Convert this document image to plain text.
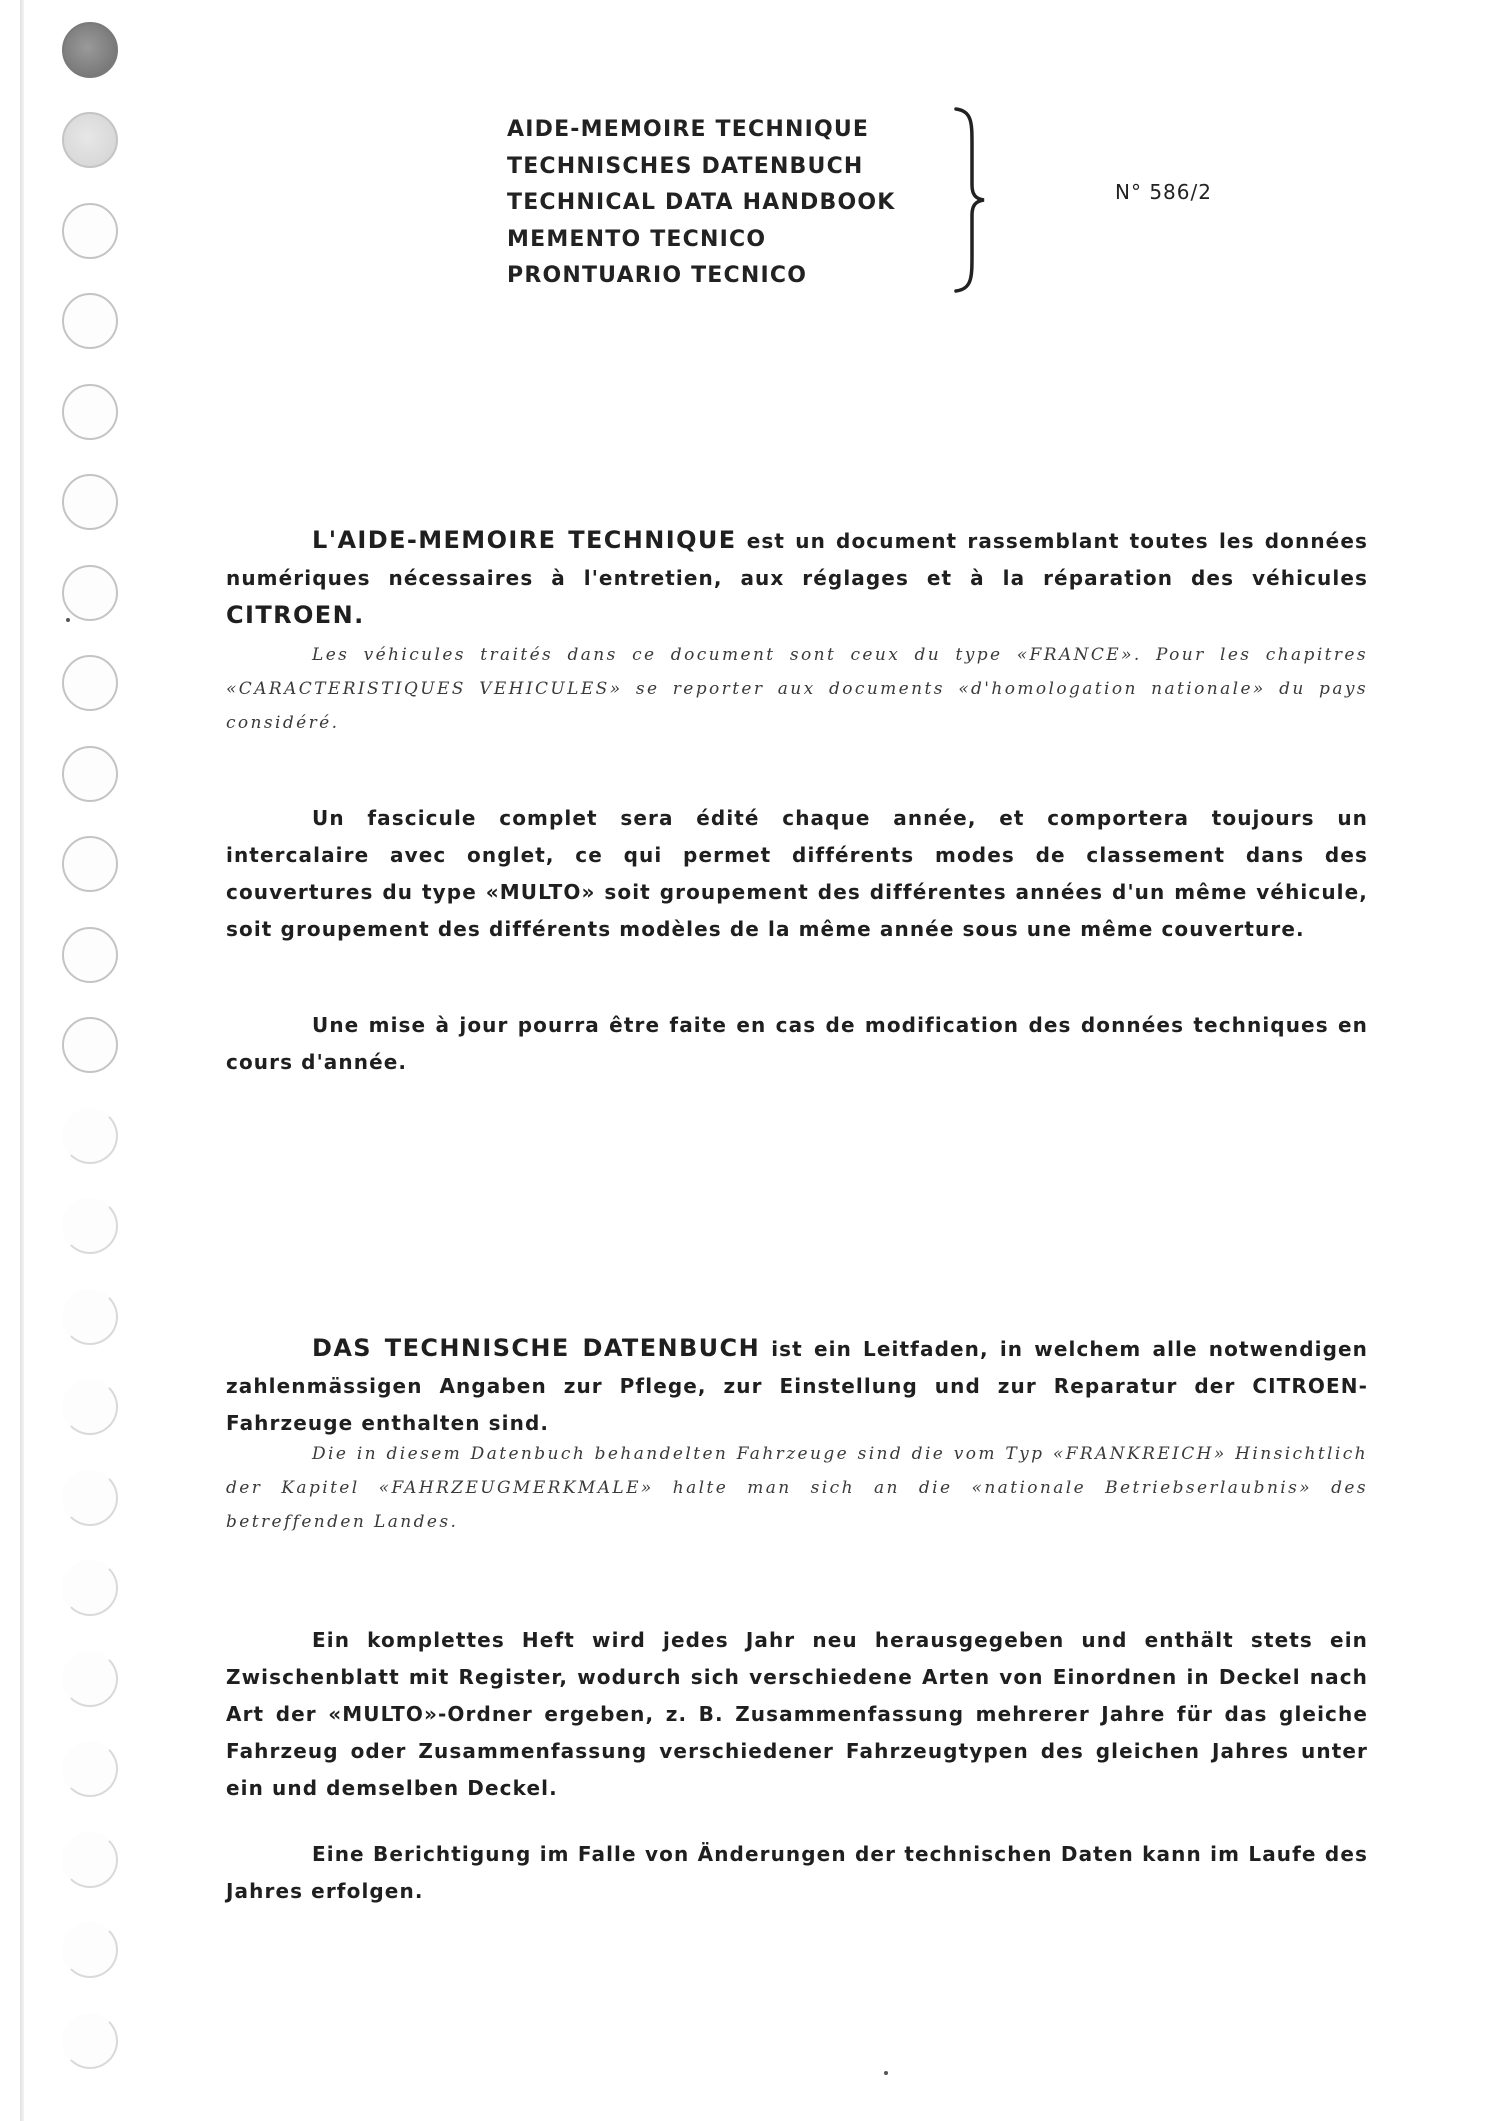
AIDE-MEMOIRE TECHNIQUE
TECHNISCHES DATENBUCH
TECHNICAL DATA HANDBOOK
MEMENTO TECNICO
PRONTUARIO TECNICO
N° 586/2
L'AIDE-MEMOIRE TECHNIQUE est un document rassemblant toutes les données numériques nécessaires à l'entretien, aux réglages et à la réparation des véhicules CITROEN.
Les véhicules traités dans ce document sont ceux du type «FRANCE». Pour les chapitres «CARACTERISTIQUES VEHICULES» se reporter aux documents «d'homologation nationale» du pays considéré.
Un fascicule complet sera édité chaque année, et comportera toujours un intercalaire avec onglet, ce qui permet différents modes de classement dans des couvertures du type «MULTO» soit groupement des différentes années d'un même véhicule, soit groupement des différents modèles de la même année sous une même couverture.
Une mise à jour pourra être faite en cas de modification des données techniques en cours d'année.
DAS TECHNISCHE DATENBUCH ist ein Leitfaden, in welchem alle notwendigen zahlenmässigen Angaben zur Pflege, zur Einstellung und zur Reparatur der CITROEN-Fahrzeuge enthalten sind.
Die in diesem Datenbuch behandelten Fahrzeuge sind die vom Typ «FRANKREICH» Hinsichtlich der Kapitel «FAHRZEUGMERKMALE» halte man sich an die «nationale Betriebserlaubnis» des betreffenden Landes.
Ein komplettes Heft wird jedes Jahr neu herausgegeben und enthält stets ein Zwischenblatt mit Register, wodurch sich verschiedene Arten von Einordnen in Deckel nach Art der «MULTO»-Ordner ergeben, z. B. Zusammenfassung mehrerer Jahre für das gleiche Fahrzeug oder Zusammenfassung verschiedener Fahrzeugtypen des gleichen Jahres unter ein und demselben Deckel.
Eine Berichtigung im Falle von Änderungen der technischen Daten kann im Laufe des Jahres erfolgen.
